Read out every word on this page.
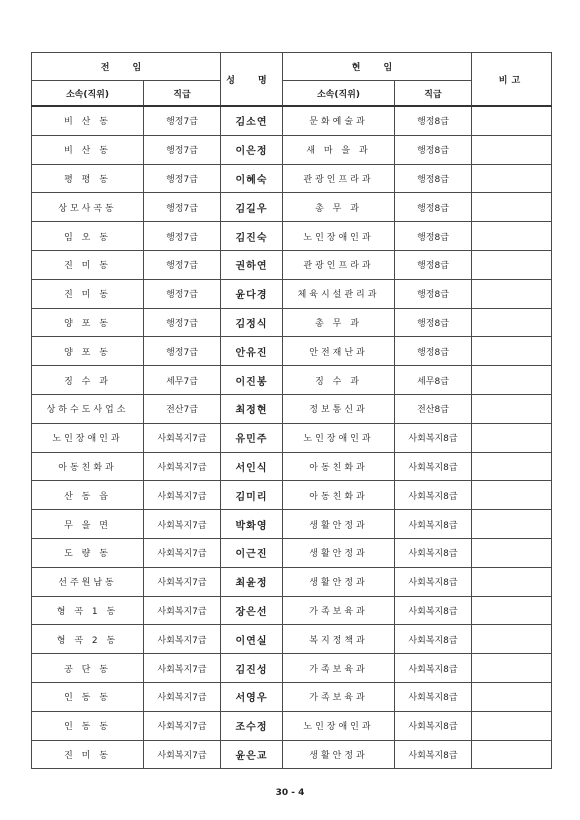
전 임		성 명	현 임		비고
소속(직위)	직급		소속(직위)	직급	
비 산 동	행정7급	김소연	문화예술과	행정8급	
비 산 동	행정7급	이은정	새 마 을 과	행정8급	
평 평 동	행정7급	이혜숙	관광인프라과	행정8급	
상모사곡동	행정7급	김길우	총 무 과	행정8급	
임 오 동	행정7급	김진숙	노인장애인과	행정8급	
진 미 동	행정7급	권하연	관광인프라과	행정8급	
진 미 동	행정7급	윤다경	체육시설관리과	행정8급	
양 포 동	행정7급	김정식	총 무 과	행정8급	
양 포 동	행정7급	안유진	안전재난과	행정8급	
징 수 과	세무7급	이진봉	징 수 과	세무8급	
상하수도사업소	전산7급	최정현	정보통신과	전산8급	
노인장애인과	사회복지7급	유민주	노인장애인과	사회복지8급	
아동친화과	사회복지7급	서인식	아동친화과	사회복지8급	
산 동 읍	사회복지7급	김미리	아동친화과	사회복지8급	
무 을 면	사회복지7급	박화영	생활안정과	사회복지8급	
도 량 동	사회복지7급	이근진	생활안정과	사회복지8급	
선주원남동	사회복지7급	최윤정	생활안정과	사회복지8급	
형 곡 1 동	사회복지7급	장은선	가족보육과	사회복지8급	
형 곡 2 동	사회복지7급	이연실	복지정책과	사회복지8급	
공 단 동	사회복지7급	김진성	가족보육과	사회복지8급	
인 동 동	사회복지7급	서영우	가족보육과	사회복지8급	
인 동 동	사회복지7급	조수정	노인장애인과	사회복지8급	
진 미 동	사회복지7급	윤은교	생활안정과	사회복지8급	
30 - 4
